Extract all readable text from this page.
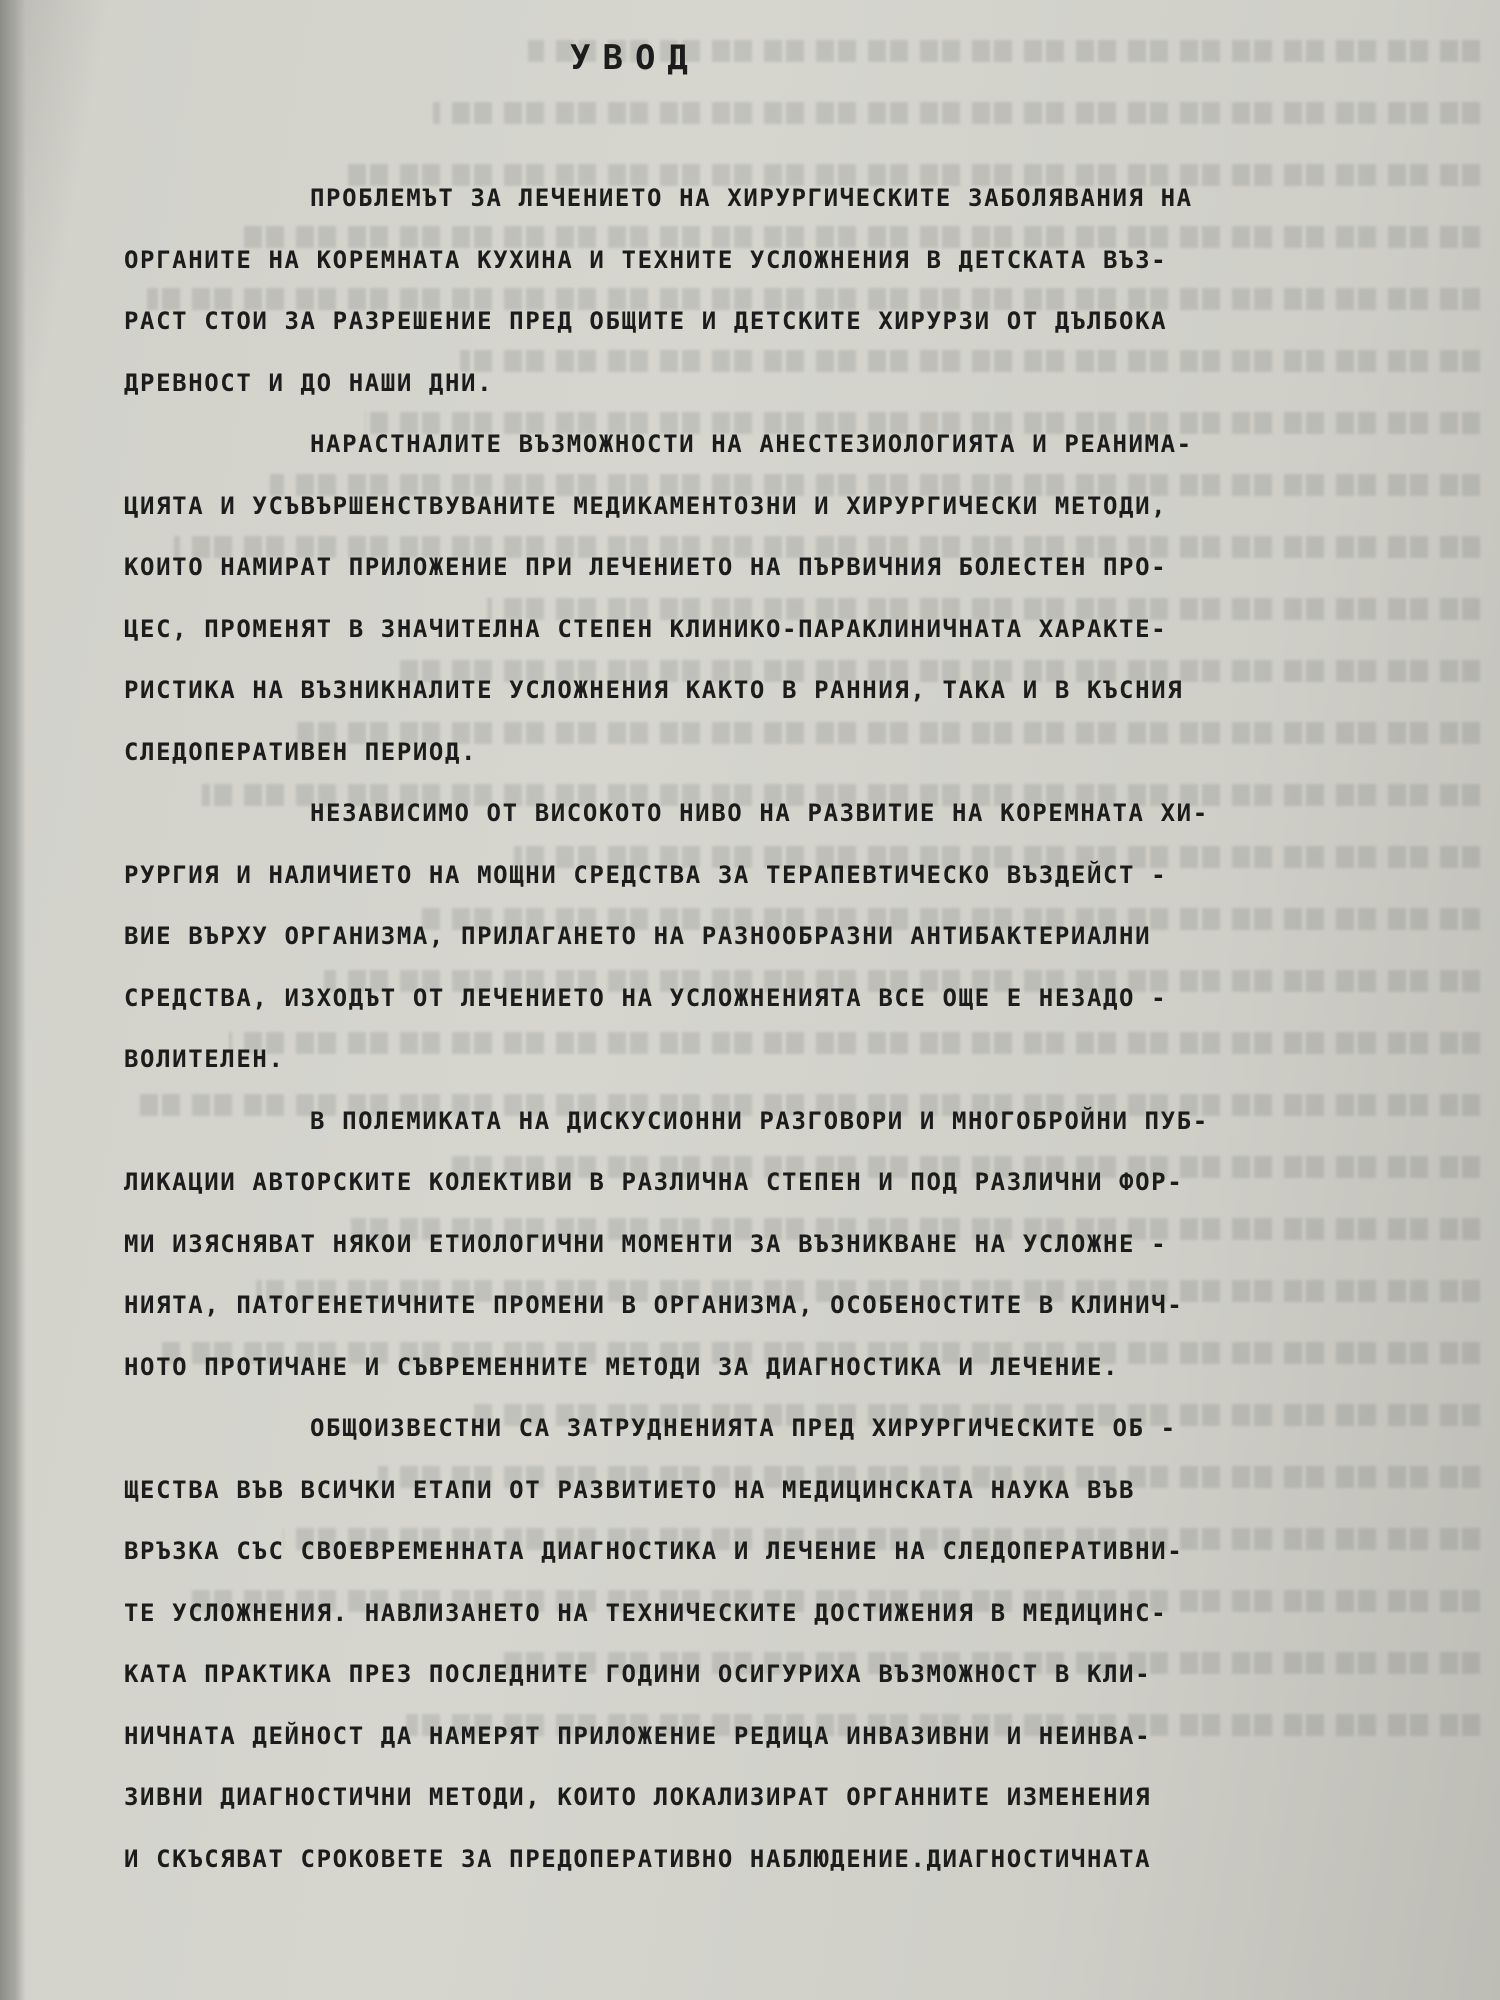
УВОД
ПРОБЛЕМЪТ ЗА ЛЕЧЕНИЕТО НА ХИРУРГИЧЕСКИТЕ ЗАБОЛЯВАНИЯ НА
ОРГАНИТЕ НА КОРЕМНАТА КУХИНА И ТЕХНИТЕ УСЛОЖНЕНИЯ В ДЕТСКАТА ВЪЗ-
РАСТ СТОИ ЗА РАЗРЕШЕНИЕ ПРЕД ОБЩИТЕ И ДЕТСКИТЕ ХИРУРЗИ ОТ ДЪЛБОКА
ДРЕВНОСТ И ДО НАШИ ДНИ.
НАРАСТНАЛИТЕ ВЪЗМОЖНОСТИ НА АНЕСТЕЗИОЛОГИЯТА И РЕАНИМА-
ЦИЯТА И УСЪВЪРШЕНСТВУВАНИТЕ МЕДИКАМЕНТОЗНИ И ХИРУРГИЧЕСКИ МЕТОДИ,
КОИТО НАМИРАТ ПРИЛОЖЕНИЕ ПРИ ЛЕЧЕНИЕТО НА ПЪРВИЧНИЯ БОЛЕСТЕН ПРО-
ЦЕС, ПРОМЕНЯТ В ЗНАЧИТЕЛНА СТЕПЕН КЛИНИКО-ПАРАКЛИНИЧНАТА ХАРАКТЕ-
РИСТИКА НА ВЪЗНИКНАЛИТЕ УСЛОЖНЕНИЯ КАКТО В РАННИЯ, ТАКА И В КЪСНИЯ
СЛЕДОПЕРАТИВЕН ПЕРИОД.
НЕЗАВИСИМО ОТ ВИСОКОТО НИВО НА РАЗВИТИЕ НА КОРЕМНАТА ХИ-
РУРГИЯ И НАЛИЧИЕТО НА МОЩНИ СРЕДСТВА ЗА ТЕРАПЕВТИЧЕСКО ВЪЗДЕЙСТ -
ВИЕ ВЪРХУ ОРГАНИЗМА, ПРИЛАГАНЕТО НА РАЗНООБРАЗНИ АНТИБАКТЕРИАЛНИ
СРЕДСТВА, ИЗХОДЪТ ОТ ЛЕЧЕНИЕТО НА УСЛОЖНЕНИЯТА ВСЕ ОЩЕ Е НЕЗАДО -
ВОЛИТЕЛЕН.
В ПОЛЕМИКАТА НА ДИСКУСИОННИ РАЗГОВОРИ И МНОГОБРОЙНИ ПУБ-
ЛИКАЦИИ АВТОРСКИТЕ КОЛЕКТИВИ В РАЗЛИЧНА СТЕПЕН И ПОД РАЗЛИЧНИ ФОР-
МИ ИЗЯСНЯВАТ НЯКОИ ЕТИОЛОГИЧНИ МОМЕНТИ ЗА ВЪЗНИКВАНЕ НА УСЛОЖНЕ -
НИЯТА, ПАТОГЕНЕТИЧНИТЕ ПРОМЕНИ В ОРГАНИЗМА, ОСОБЕНОСТИТЕ В КЛИНИЧ-
НОТО ПРОТИЧАНЕ И СЪВРЕМЕННИТЕ МЕТОДИ ЗА ДИАГНОСТИКА И ЛЕЧЕНИЕ.
ОБЩОИЗВЕСТНИ СА ЗАТРУДНЕНИЯТА ПРЕД ХИРУРГИЧЕСКИТЕ ОБ -
ЩЕСТВА ВЪВ ВСИЧКИ ЕТАПИ ОТ РАЗВИТИЕТО НА МЕДИЦИНСКАТА НАУКА ВЪВ
ВРЪЗКА СЪС СВОЕВРЕМЕННАТА ДИАГНОСТИКА И ЛЕЧЕНИЕ НА СЛЕДОПЕРАТИВНИ-
ТЕ УСЛОЖНЕНИЯ. НАВЛИЗАНЕТО НА ТЕХНИЧЕСКИТЕ ДОСТИЖЕНИЯ В МЕДИЦИНС-
КАТА ПРАКТИКА ПРЕЗ ПОСЛЕДНИТЕ ГОДИНИ ОСИГУРИХА ВЪЗМОЖНОСТ В КЛИ-
НИЧНАТА ДЕЙНОСТ ДА НАМЕРЯТ ПРИЛОЖЕНИЕ РЕДИЦА ИНВАЗИВНИ И НЕИНВА-
ЗИВНИ ДИАГНОСТИЧНИ МЕТОДИ, КОИТО ЛОКАЛИЗИРАТ ОРГАННИТЕ ИЗМЕНЕНИЯ
И СКЪСЯВАТ СРОКОВЕТЕ ЗА ПРЕДОПЕРАТИВНО НАБЛЮДЕНИЕ.ДИАГНОСТИЧНАТА
